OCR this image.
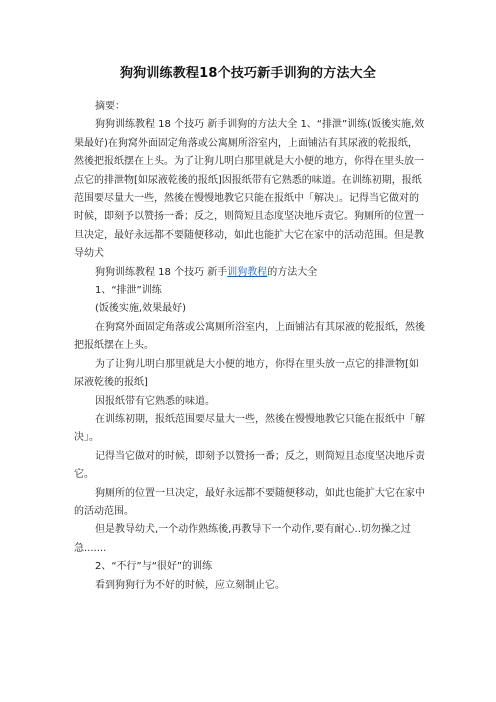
狗狗训练教程18个技巧新手训狗的方法大全

摘要：

狗狗训练教程 18 个技巧 新手训狗的方法大全 1、“排泄”训练(饭後实施,效果最好)在狗窝外面固定角落或公寓厕所浴室内，上面铺沾有其尿液的乾报纸，然後把报纸摆在上头。为了让狗儿明白那里就是大小便的地方，你得在里头放一点它的排泄物[如尿液乾後的报纸]因报纸带有它熟悉的味道。在训练初期，报纸范围要尽量大一些，然後在慢慢地教它只能在报纸中「解决」。记得当它做对的时候，即刻予以赞扬一番；反之，则简短且态度坚决地斥责它。狗厕所的位置一旦决定，最好永远都不要随便移动，如此也能扩大它在家中的活动范围。但是教导幼犬

狗狗训练教程 18 个技巧 新手训狗教程的方法大全

1、“排泄”训练

(饭後实施,效果最好)

在狗窝外面固定角落或公寓厕所浴室内，上面铺沾有其尿液的乾报纸，然後把报纸摆在上头。

为了让狗儿明白那里就是大小便的地方，你得在里头放一点它的排泄物[如尿液乾後的报纸]

因报纸带有它熟悉的味道。

在训练初期，报纸范围要尽量大一些，然後在慢慢地教它只能在报纸中「解决」。

记得当它做对的时候，即刻予以赞扬一番；反之，则简短且态度坚决地斥责它。

狗厕所的位置一旦决定，最好永远都不要随便移动，如此也能扩大它在家中的活动范围。

但是教导幼犬,一个动作熟练後,再教导下一个动作,要有耐心..切勿操之过急.......

2、“不行”与“很好”的训练

看到狗狗行为不好的时候，应立刻制止它。
